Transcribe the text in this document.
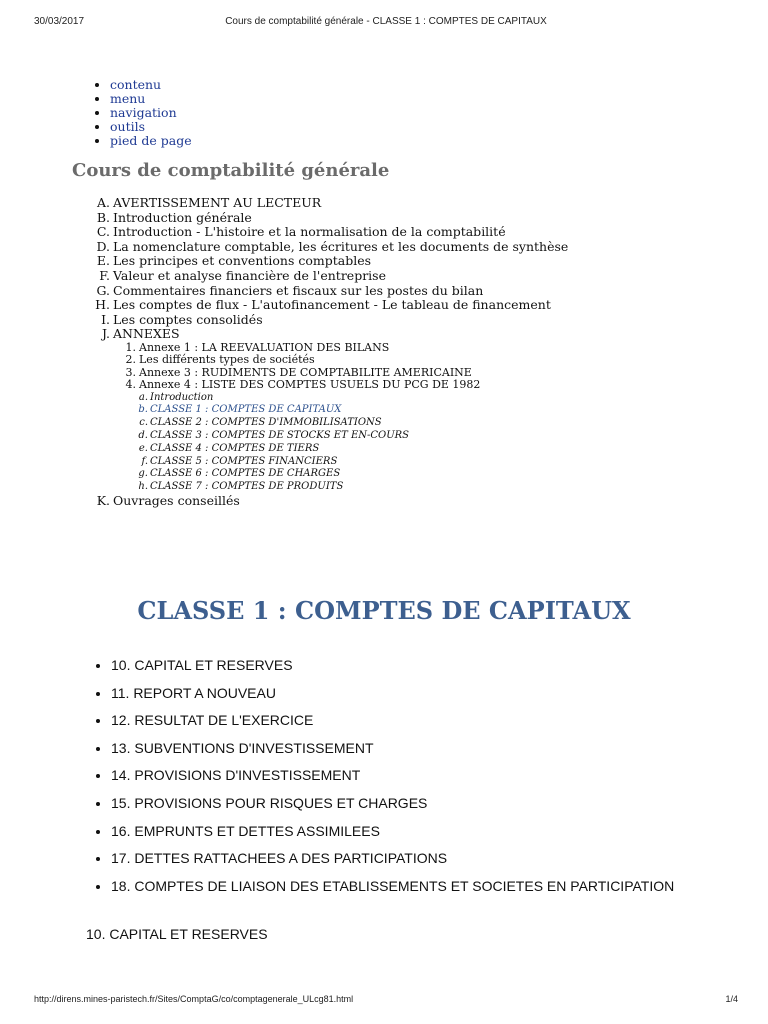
30/03/2017	Cours de comptabilité générale - CLASSE 1 : COMPTES DE CAPITAUX
• contenu
• menu
• navigation
• outils
• pied de page
Cours de comptabilité générale
A. AVERTISSEMENT AU LECTEUR
B. Introduction générale
C. Introduction - L'histoire et la normalisation de la comptabilité
D. La nomenclature comptable, les écritures et les documents de synthèse
E. Les principes et conventions comptables
F. Valeur et analyse financière de l'entreprise
G. Commentaires financiers et fiscaux sur les postes du bilan
H. Les comptes de flux - L'autofinancement - Le tableau de financement
I. Les comptes consolidés
J. ANNEXES
1. Annexe 1 : LA REEVALUATION DES BILANS
2. Les différents types de sociétés
3. Annexe 3 : RUDIMENTS DE COMPTABILITE AMERICAINE
4. Annexe 4 : LISTE DES COMPTES USUELS DU PCG DE 1982
a. Introduction
b. CLASSE 1 : COMPTES DE CAPITAUX
c. CLASSE 2 : COMPTES D'IMMOBILISATIONS
d. CLASSE 3 : COMPTES DE STOCKS ET EN-COURS
e. CLASSE 4 : COMPTES DE TIERS
f. CLASSE 5 : COMPTES FINANCIERS
g. CLASSE 6 : COMPTES DE CHARGES
h. CLASSE 7 : COMPTES DE PRODUITS
K. Ouvrages conseillés
CLASSE 1 : COMPTES DE CAPITAUX
• 10. CAPITAL ET RESERVES
• 11. REPORT A NOUVEAU
• 12. RESULTAT DE L'EXERCICE
• 13. SUBVENTIONS D'INVESTISSEMENT
• 14. PROVISIONS D'INVESTISSEMENT
• 15. PROVISIONS POUR RISQUES ET CHARGES
• 16. EMPRUNTS ET DETTES ASSIMILEES
• 17. DETTES RATTACHEES A DES PARTICIPATIONS
• 18. COMPTES DE LIAISON DES ETABLISSEMENTS ET SOCIETES EN PARTICIPATION
10. CAPITAL ET RESERVES
http://direns.mines-paristech.fr/Sites/ComptaG/co/comptagenerale_ULcg81.html	1/4
